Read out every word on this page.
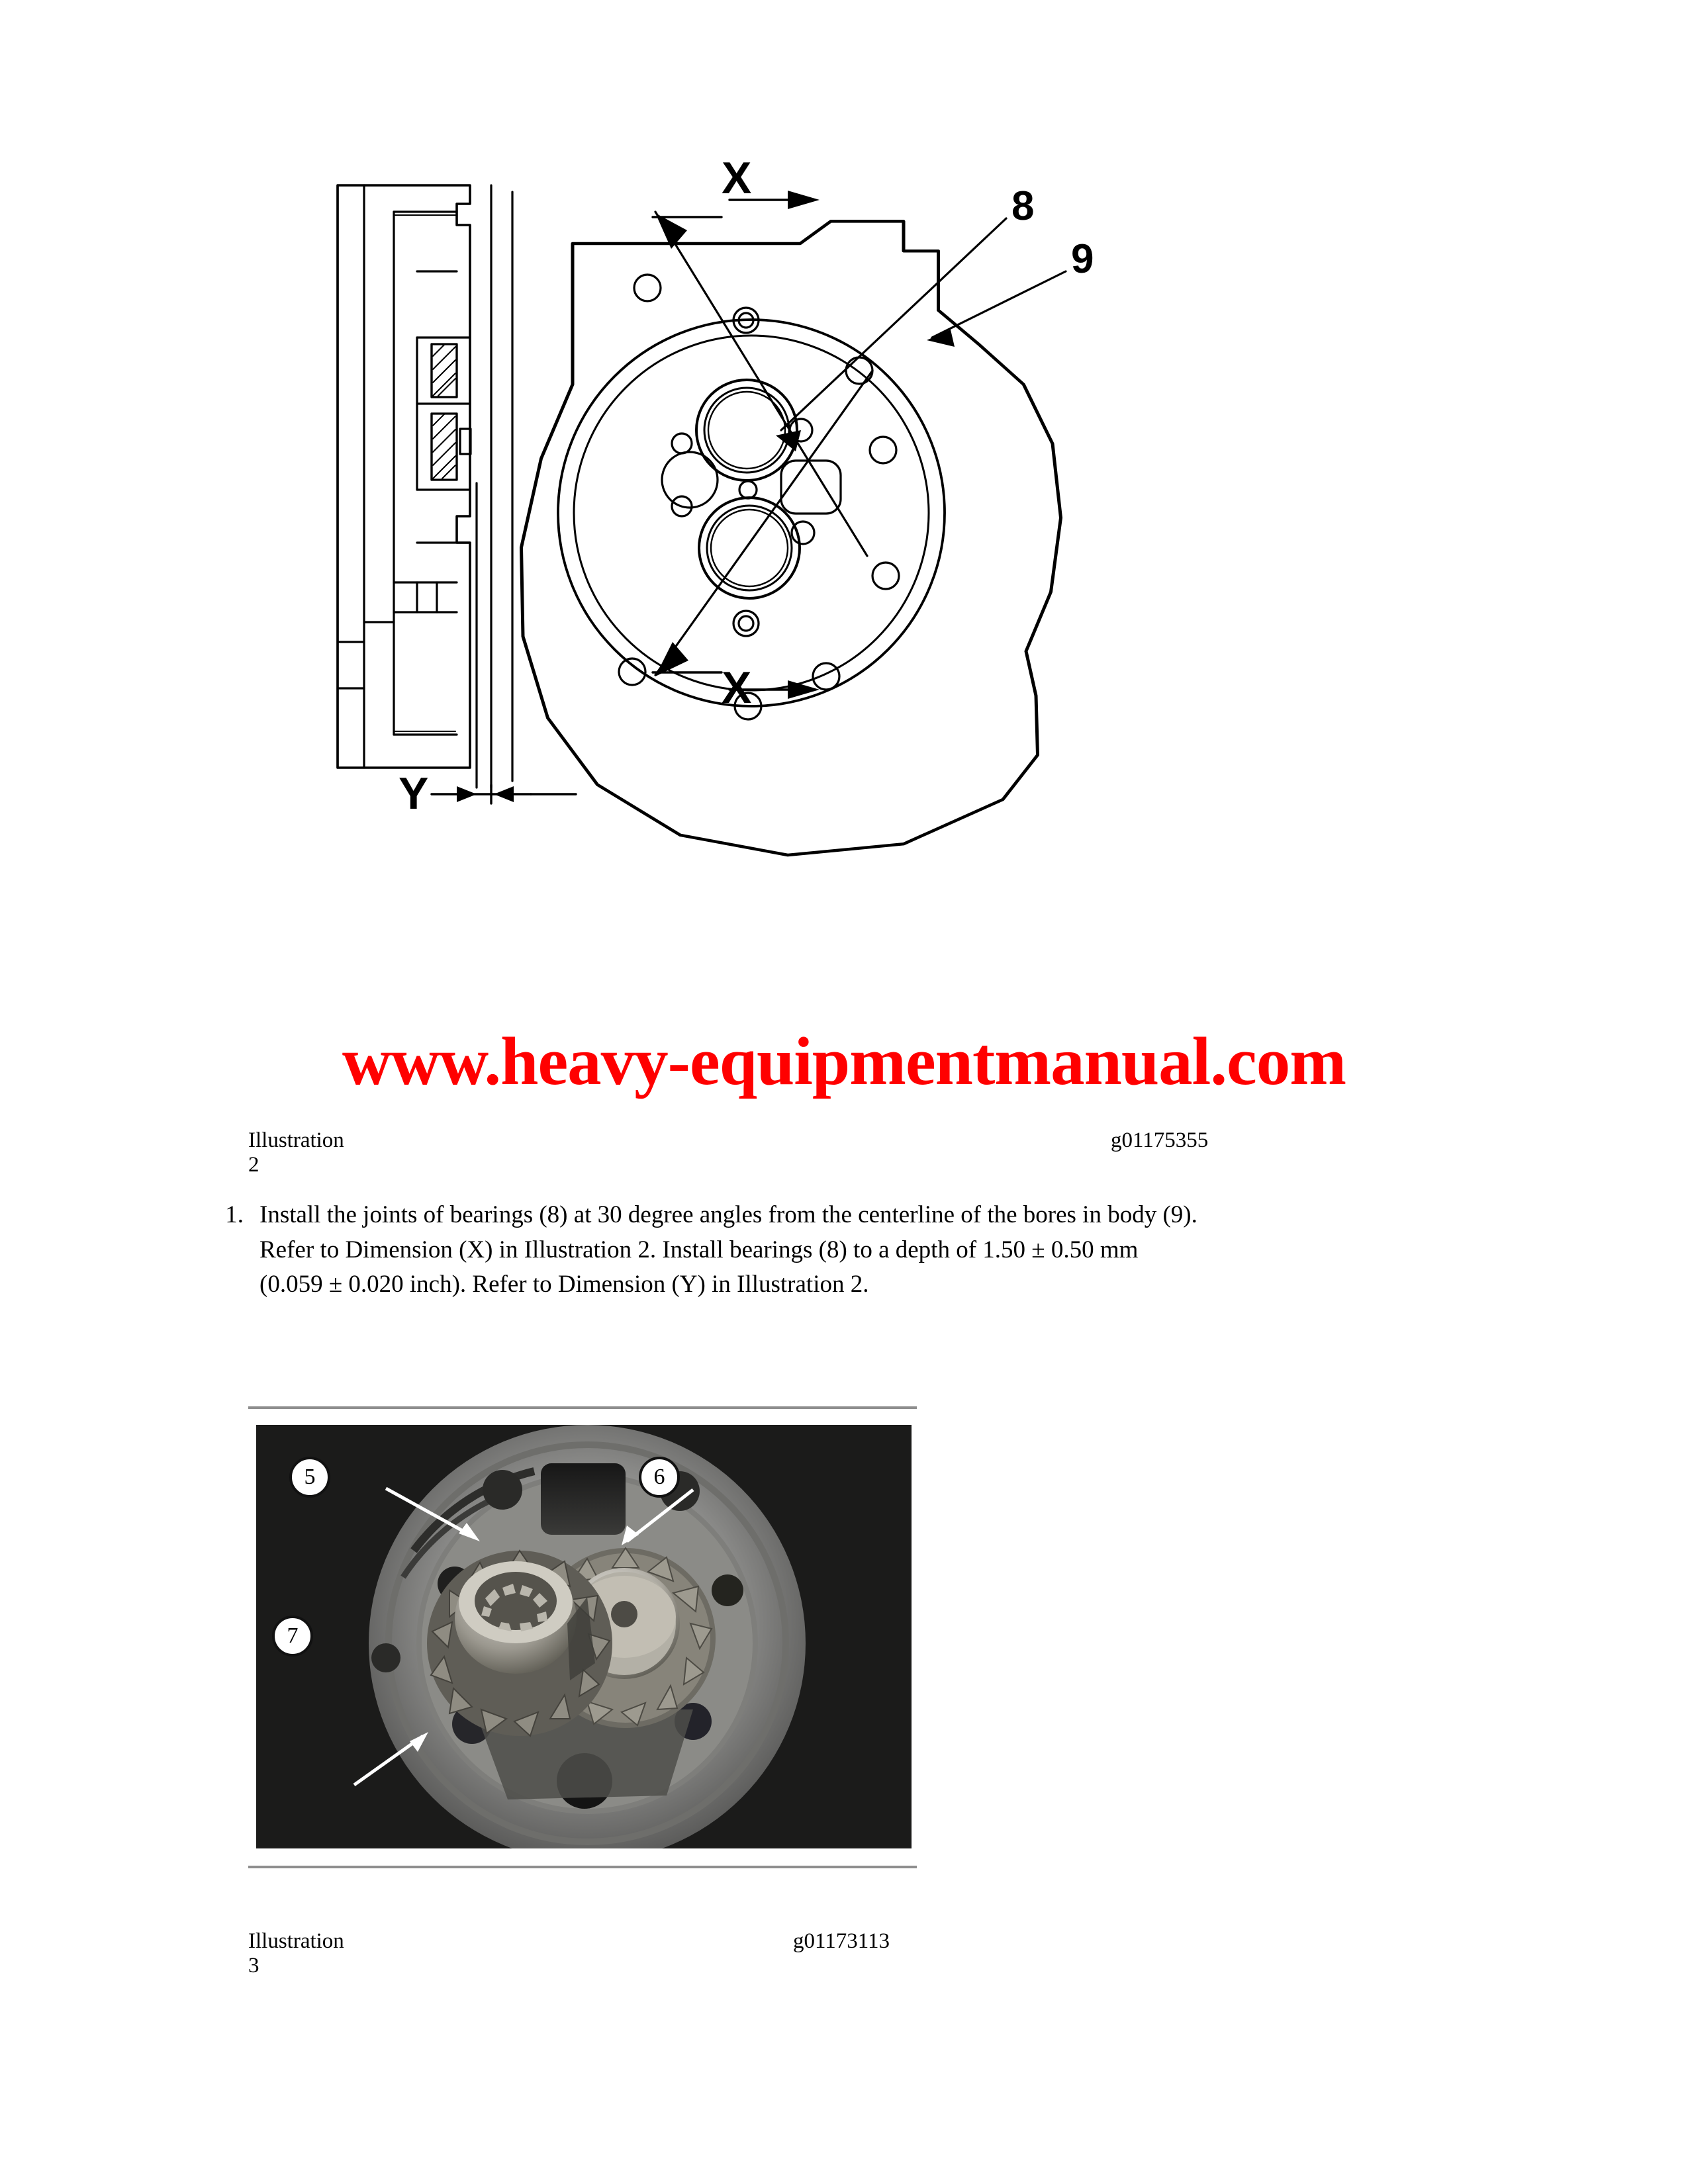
8
9
X
X
Y
www.heavy-equipmentmanual.com
Illustration 2
g01175355
1. Install the joints of bearings (8) at 30 degree angles from the centerline of the bores in body (9).
Refer to Dimension (X) in Illustration 2. Install bearings (8) to a depth of 1.50 ± 0.50 mm
(0.059 ± 0.020 inch). Refer to Dimension (Y) in Illustration 2.
5	6
7
Illustration 3
g01173113
